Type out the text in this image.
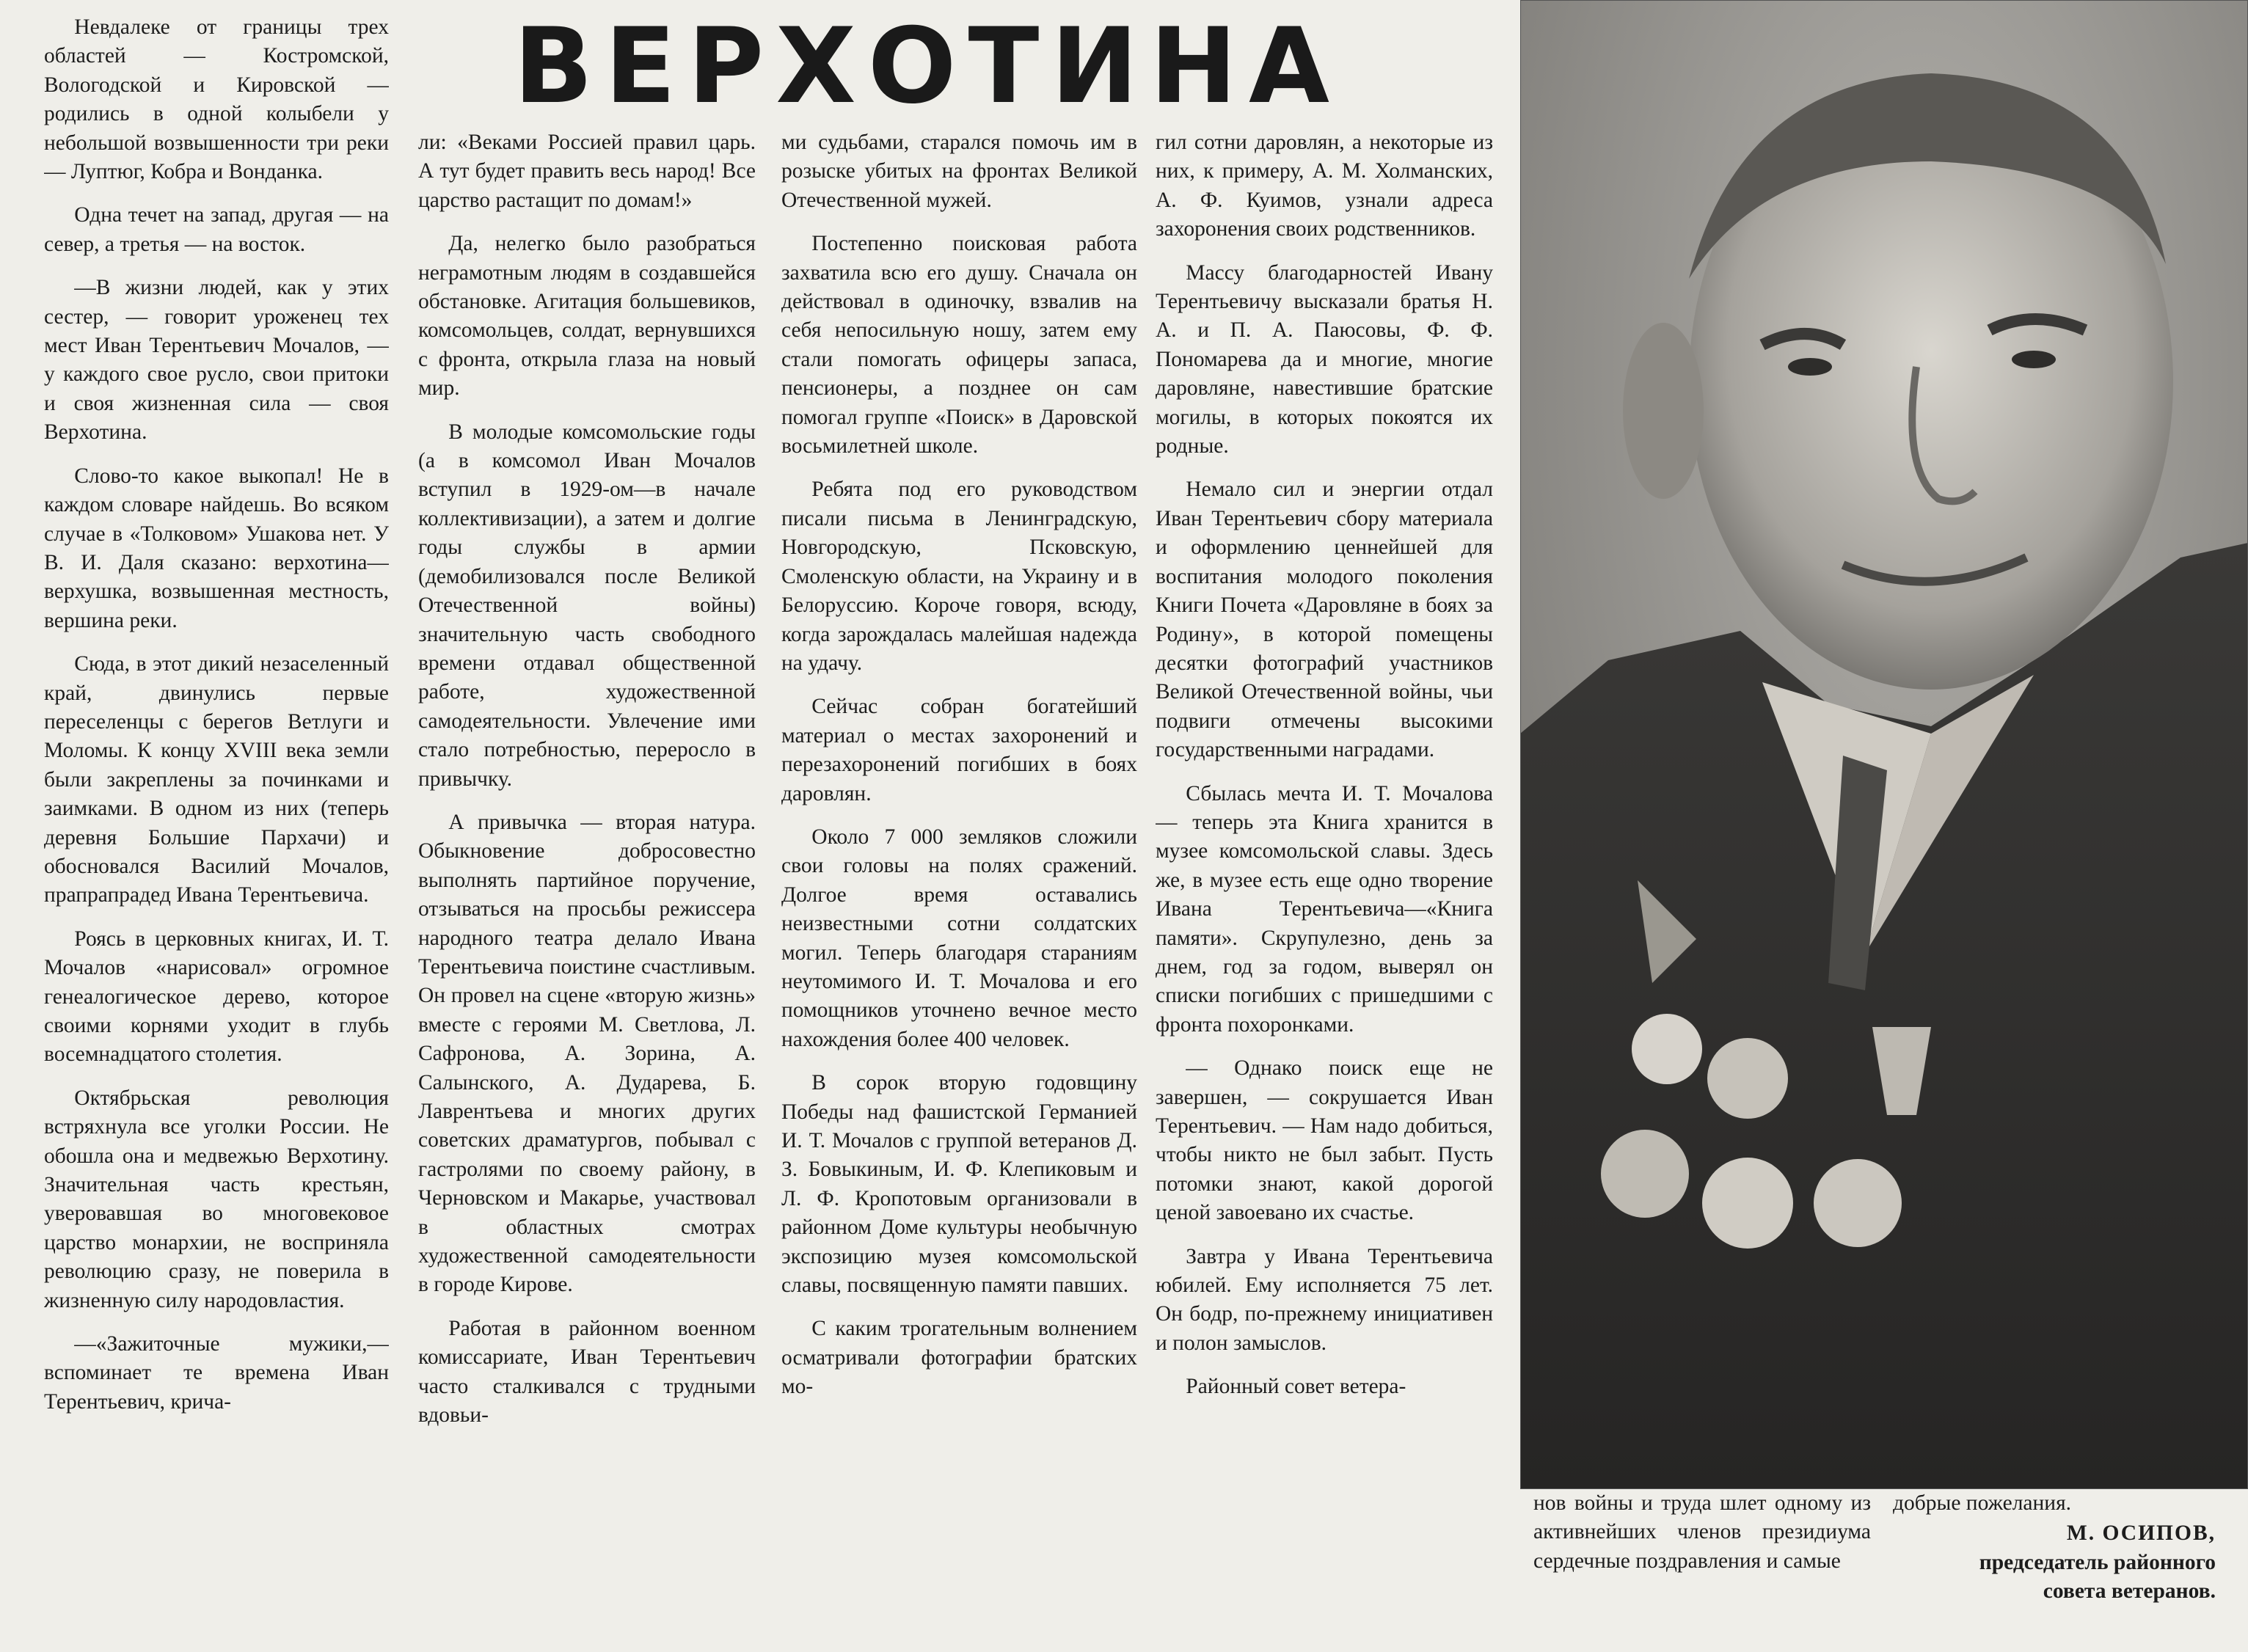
ВЕРХОТИНА

Невдалеке от границы трех областей — Костромской, Вологодской и Кировской — родились в одной колыбели у небольшой возвышенности три реки — Луптюг, Кобра и Вонданка.

Одна течет на запад, другая — на север, а третья — на восток.

—В жизни людей, как у этих сестер, — говорит уроженец тех мест Иван Терентьевич Мочалов, — у каждого свое русло, свои притоки и своя жизненная сила — своя Верхотина.

Слово-то какое выкопал! Не в каждом словаре найдешь. Во всяком случае в «Толковом» Ушакова нет. У В. И. Даля сказано: верхотина—верхушка, возвышенная местность, вершина реки.

Сюда, в этот дикий незаселенный край, двинулись первые переселенцы с берегов Ветлуги и Моломы. К концу XVIII века земли были закреплены за починками и заимками. В одном из них (теперь деревня Большие Пархачи) и обосновался Василий Мочалов, прапрапрадед Ивана Терентьевича.

Роясь в церковных книгах, И. Т. Мочалов «нарисовал» огромное генеалогическое дерево, которое своими корнями уходит в глубь восемнадцатого столетия.

Октябрьская революция встряхнула все уголки России. Не обошла она и медвежью Верхотину. Значительная часть крестьян, уверовавшая во многовековое царство монархии, не восприняла революцию сразу, не поверила в жизненную силу народовластия.

—«Зажиточные мужики,—вспоминает те времена Иван Терентьевич, крича-

ли: «Веками Россией правил царь. А тут будет править весь народ! Все царство растащит по домам!»

Да, нелегко было разобраться неграмотным людям в создавшейся обстановке. Агитация большевиков, комсомольцев, солдат, вернувшихся с фронта, открыла глаза на новый мир.

В молодые комсомольские годы (а в комсомол Иван Мочалов вступил в 1929-ом—в начале коллективизации), а затем и долгие годы службы в армии (демобилизовался после Великой Отечественной войны) значительную часть свободного времени отдавал общественной работе, художественной самодеятельности. Увлечение ими стало потребностью, переросло в привычку.

А привычка — вторая натура. Обыкновение добросовестно выполнять партийное поручение, отзываться на просьбы режиссера народного театра делало Ивана Терентьевича поистине счастливым. Он провел на сцене «вторую жизнь» вместе с героями М. Светлова, Л. Сафронова, А. Зорина, А. Салынского, А. Дударева, Б. Лаврентьева и многих других советских драматургов, побывал с гастролями по своему району, в Черновском и Макарье, участвовал в областных смотрах художественной самодеятельности в городе Кирове.

Работая в районном военном комиссариате, Иван Терентьевич часто сталкивался с трудными вдовьи-

ми судьбами, старался помочь им в розыске убитых на фронтах Великой Отечественной мужей.

Постепенно поисковая работа захватила всю его душу. Сначала он действовал в одиночку, взвалив на себя непосильную ношу, затем ему стали помогать офицеры запаса, пенсионеры, а позднее он сам помогал группе «Поиск» в Даровской восьмилетней школе.

Ребята под его руководством писали письма в Ленинградскую, Новгородскую, Псковскую, Смоленскую области, на Украину и в Белоруссию. Короче говоря, всюду, когда зарождалась малейшая надежда на удачу.

Сейчас собран богатейший материал о местах захоронений и перезахоронений погибших в боях даровлян.

Около 7 000 земляков сложили свои головы на полях сражений. Долгое время оставались неизвестными сотни солдатских могил. Теперь благодаря стараниям неутомимого И. Т. Мочалова и его помощников уточнено вечное место нахождения более 400 человек.

В сорок вторую годовщину Победы над фашистской Германией И. Т. Мочалов с группой ветеранов Д. З. Бовыкиным, И. Ф. Клепиковым и Л. Ф. Кропотовым организовали в районном Доме культуры необычную экспозицию музея комсомольской славы, посвященную памяти павших.

С каким трогательным волнением осматривали фотографии братских мо-

гил сотни даровлян, а некоторые из них, к примеру, А. М. Холманских, А. Ф. Куимов, узнали адреса захоронения своих родственников.

Массу благодарностей Ивану Терентьевичу высказали братья Н. А. и П. А. Паюсовы, Ф. Ф. Пономарева да и многие, многие даровляне, навестившие братские могилы, в которых покоятся их родные.

Немало сил и энергии отдал Иван Терентьевич сбору материала и оформлению ценнейшей для воспитания молодого поколения Книги Почета «Даровляне в боях за Родину», в которой помещены десятки фотографий участников Великой Отечественной войны, чьи подвиги отмечены высокими государственными наградами.

Сбылась мечта И. Т. Мочалова — теперь эта Книга хранится в музее комсомольской славы. Здесь же, в музее есть еще одно творение Ивана Терентьевича—«Книга памяти». Скрупулезно, день за днем, год за годом, выверял он списки погибших с пришедшими с фронта похоронками.

— Однако поиск еще не завершен, — сокрушается Иван Терентьевич. — Нам надо добиться, чтобы никто не был забыт. Пусть потомки знают, какой дорогой ценой завоевано их счастье.

Завтра у Ивана Терентьевича юбилей. Ему исполняется 75 лет. Он бодр, по-прежнему инициативен и полон замыслов.

Районный совет ветера-

нов войны и труда шлет одному из активнейших членов президиума сердечные поздравления и самые

добрые пожелания.

М. ОСИПОВ,
председатель районного
совета ветеранов.
